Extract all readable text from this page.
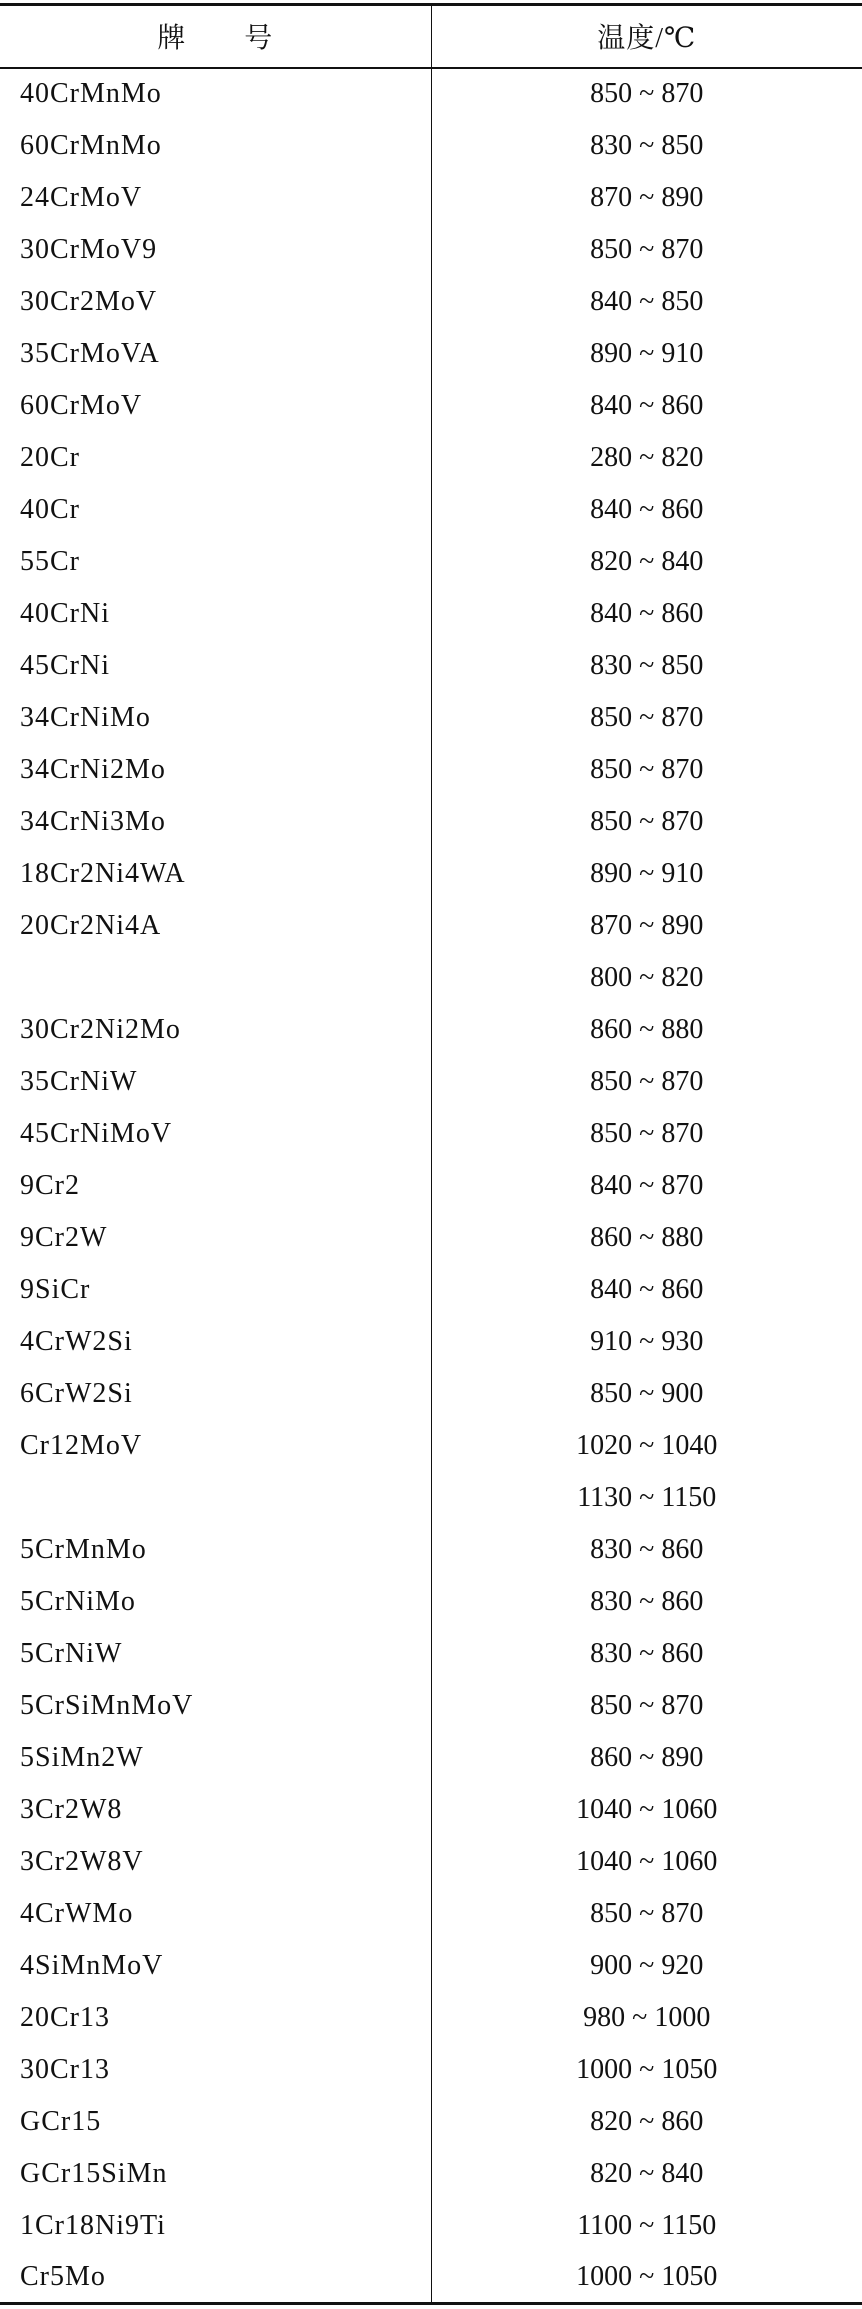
牌　　号	温度/℃
40CrMnMo	850 ~ 870
60CrMnMo	830 ~ 850
24CrMoV	870 ~ 890
30CrMoV9	850 ~ 870
30Cr2MoV	840 ~ 850
35CrMoVA	890 ~ 910
60CrMoV	840 ~ 860
20Cr	280 ~ 820
40Cr	840 ~ 860
55Cr	820 ~ 840
40CrNi	840 ~ 860
45CrNi	830 ~ 850
34CrNiMo	850 ~ 870
34CrNi2Mo	850 ~ 870
34CrNi3Mo	850 ~ 870
18Cr2Ni4WA	890 ~ 910
20Cr2Ni4A	870 ~ 890
	800 ~ 820
30Cr2Ni2Mo	860 ~ 880
35CrNiW	850 ~ 870
45CrNiMoV	850 ~ 870
9Cr2	840 ~ 870
9Cr2W	860 ~ 880
9SiCr	840 ~ 860
4CrW2Si	910 ~ 930
6CrW2Si	850 ~ 900
Cr12MoV	1020 ~ 1040
	1130 ~ 1150
5CrMnMo	830 ~ 860
5CrNiMo	830 ~ 860
5CrNiW	830 ~ 860
5CrSiMnMoV	850 ~ 870
5SiMn2W	860 ~ 890
3Cr2W8	1040 ~ 1060
3Cr2W8V	1040 ~ 1060
4CrWMo	850 ~ 870
4SiMnMoV	900 ~ 920
20Cr13	980 ~ 1000
30Cr13	1000 ~ 1050
GCr15	820 ~ 860
GCr15SiMn	820 ~ 840
1Cr18Ni9Ti	1100 ~ 1150
Cr5Mo	1000 ~ 1050
